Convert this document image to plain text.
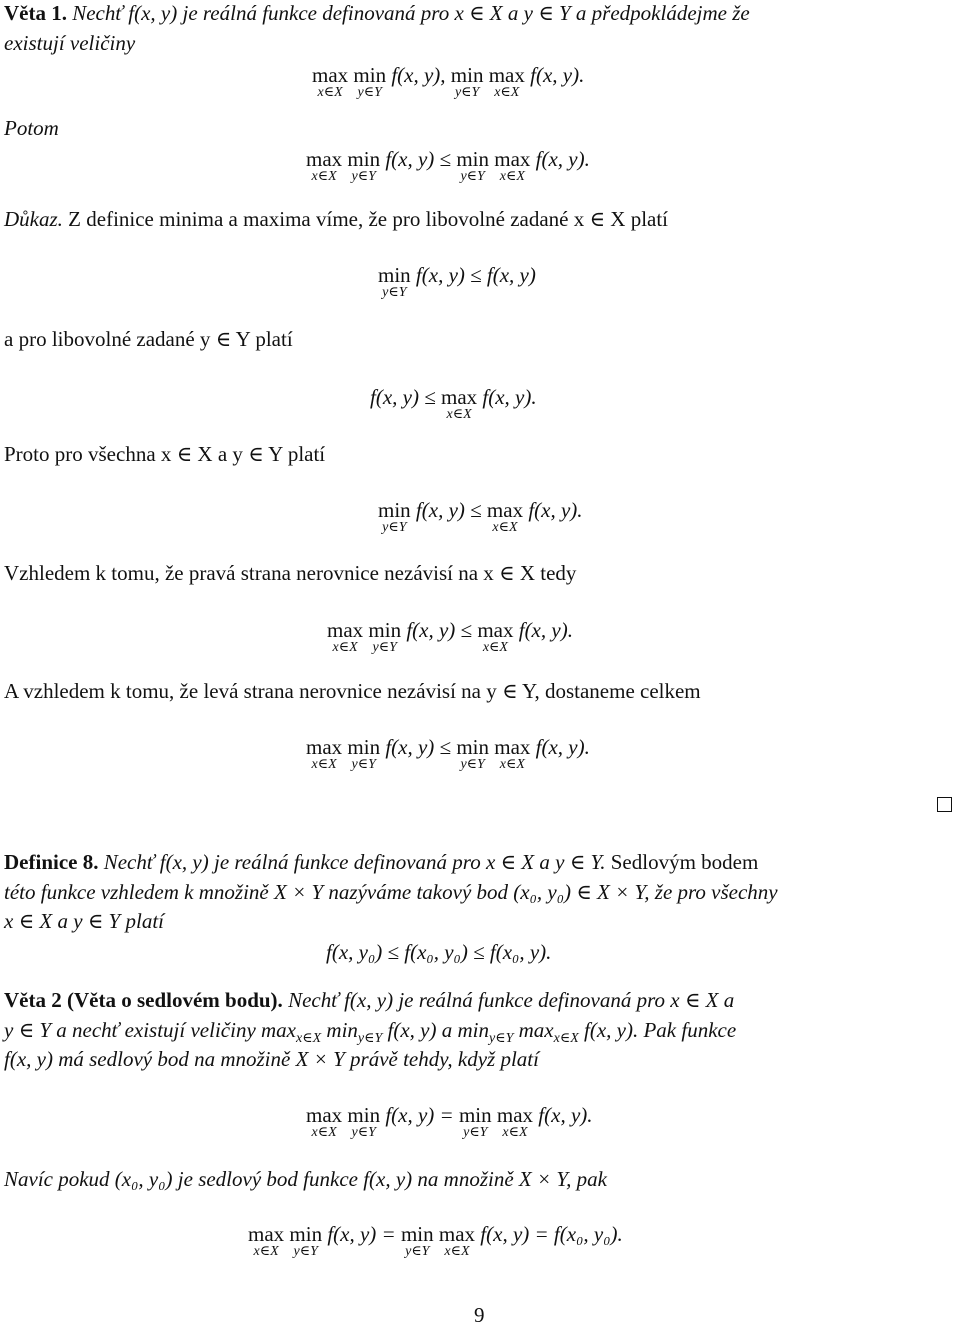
Věta 1. Nechť f(x, y) je reálná funkce definovaná pro x ∈ X a y ∈ Y a předpokládejme že
existují veličiny
max
x∈X
min
y∈Y
f(x, y), min
y∈Y
max
x∈X
f(x, y).
Potom
max
x∈X
min
y∈Y
f(x, y) ≤ min
y∈Y
max
x∈X
f(x, y).
Důkaz. Z definice minima a maxima víme, že pro libovolné zadané x ∈ X platí
min
y∈Y
f(x, y) ≤ f(x, y)
a pro libovolné zadané y ∈ Y platí
f(x, y) ≤ max
x∈X
f(x, y).
Proto pro všechna x ∈ X a y ∈ Y platí
min
y∈Y
f(x, y) ≤ max
x∈X
f(x, y).
Vzhledem k tomu, že pravá strana nerovnice nezávisí na x ∈ X tedy
max
x∈X
min
y∈Y
f(x, y) ≤ max
x∈X
f(x, y).
A vzhledem k tomu, že levá strana nerovnice nezávisí na y ∈ Y, dostaneme celkem
max
x∈X
min
y∈Y
f(x, y) ≤ min
y∈Y
max
x∈X
f(x, y).
Definice 8. Nechť f(x, y) je reálná funkce definovaná pro x ∈ X a y ∈ Y. Sedlovým bodem
této funkce vzhledem k množině X × Y nazýváme takový bod (x₀, y₀) ∈ X × Y, že pro všechny
x ∈ X a y ∈ Y platí
f(x, y₀) ≤ f(x₀, y₀) ≤ f(x₀, y).
Věta 2 (Věta o sedlovém bodu). Nechť f(x, y) je reálná funkce definovaná pro x ∈ X a
y ∈ Y a nechť existují veličiny $\max_{x\in X} \min_{y\in Y} f(x$, y) a $\min_{y\in Y} \max_{x\in X} f(x$, y). Pak funkce
f(x, y) má sedlový bod na množině X × Y právě tehdy, když platí
max
x∈X
min
y∈Y
f(x, y) = min
y∈Y
max
x∈X
f(x, y).
Navíc pokud (x₀, y₀) je sedlový bod funkce f(x, y) na množině X × Y, pak
max
x∈X
min
y∈Y
f(x, y) = min
y∈Y
max
x∈X
f(x, y) = f(x₀, y₀).
9
